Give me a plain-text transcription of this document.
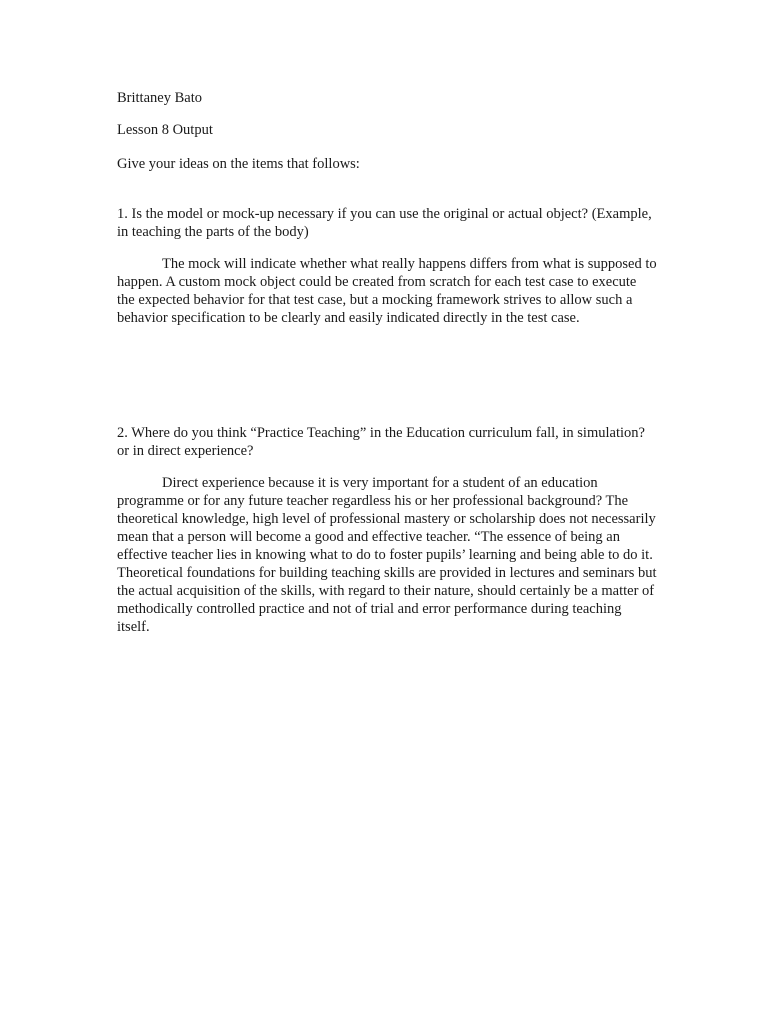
Brittaney Bato

Lesson 8 Output

Give your ideas on the items that follows:

1. Is the model or mock-up necessary if you can use the original or actual object? (Example, in teaching the parts of the body)

The mock will indicate whether what really happens differs from what is supposed to happen. A custom mock object could be created from scratch for each test case to execute the expected behavior for that test case, but a mocking framework strives to allow such a behavior specification to be clearly and easily indicated directly in the test case.

2. Where do you think “Practice Teaching” in the Education curriculum fall, in simulation? or in direct experience?

Direct experience because it is very important for a student of an education programme or for any future teacher regardless his or her professional background? The theoretical knowledge, high level of professional mastery or scholarship does not necessarily mean that a person will become a good and effective teacher. “The essence of being an effective teacher lies in knowing what to do to foster pupils’ learning and being able to do it. Theoretical foundations for building teaching skills are provided in lectures and seminars but the actual acquisition of the skills, with regard to their nature, should certainly be a matter of methodically controlled practice and not of trial and error performance during teaching itself.
